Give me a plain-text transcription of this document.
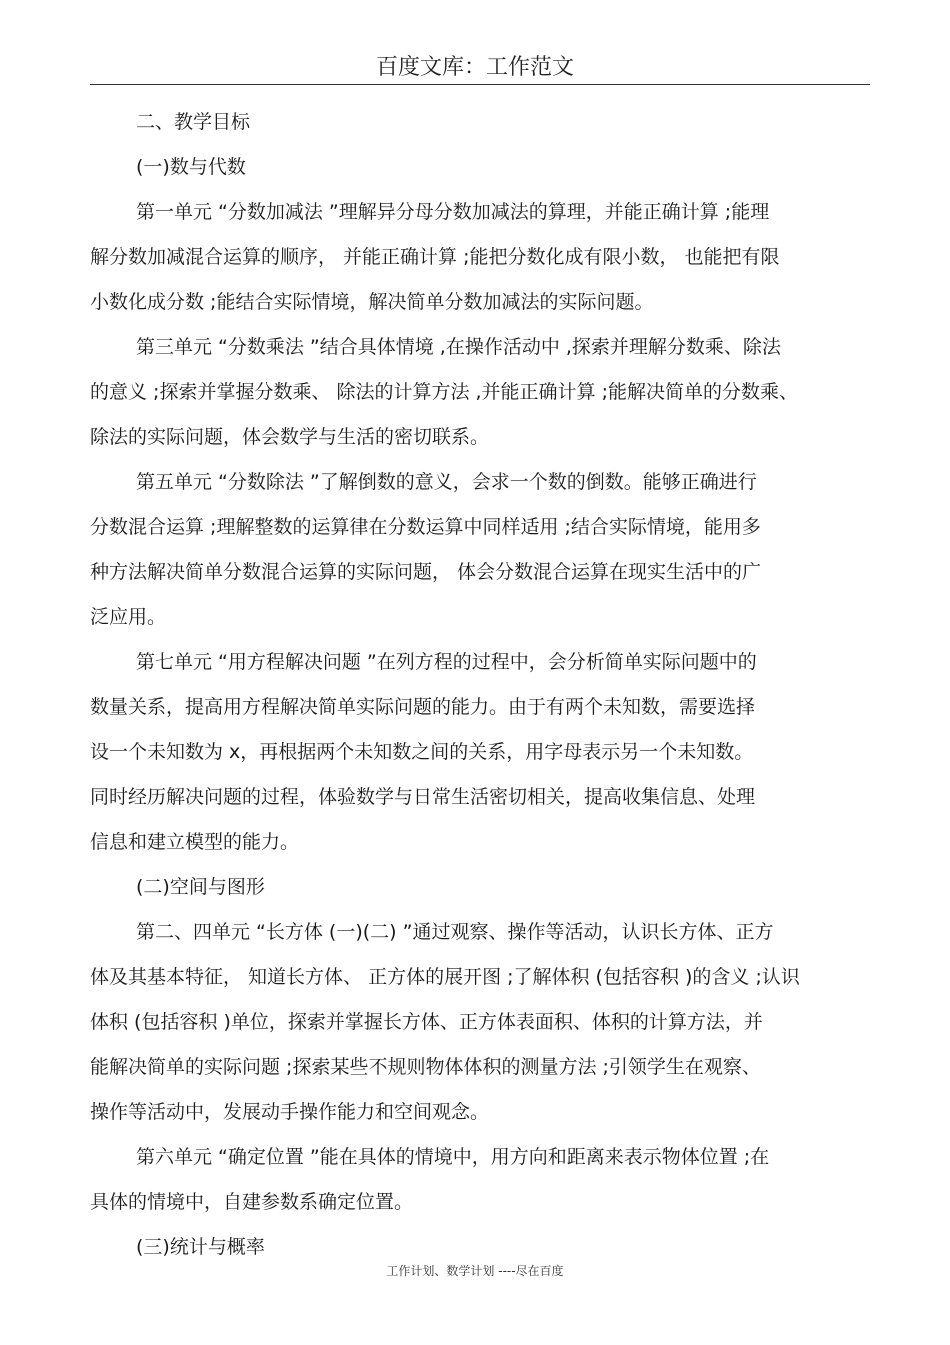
百度文库：工作范文
二、教学目标
(一)数与代数
第一单元 “分数加减法 ”理解异分母分数加减法的算理，并能正确计算 ;能理
解分数加减混合运算的顺序， 并能正确计算 ;能把分数化成有限小数， 也能把有限
小数化成分数 ;能结合实际情境，解决简单分数加减法的实际问题。
第三单元 “分数乘法 ”结合具体情境 ,在操作活动中 ,探索并理解分数乘、除法
的意义 ;探索并掌握分数乘、 除法的计算方法 ,并能正确计算 ;能解决简单的分数乘、
除法的实际问题，体会数学与生活的密切联系。
第五单元 “分数除法 ”了解倒数的意义，会求一个数的倒数。能够正确进行
分数混合运算 ;理解整数的运算律在分数运算中同样适用 ;结合实际情境，能用多
种方法解决简单分数混合运算的实际问题， 体会分数混合运算在现实生活中的广
泛应用。
第七单元 “用方程解决问题 ”在列方程的过程中，会分析简单实际问题中的
数量关系，提高用方程解决简单实际问题的能力。由于有两个未知数，需要选择
设一个未知数为 x，再根据两个未知数之间的关系，用字母表示另一个未知数。
同时经历解决问题的过程，体验数学与日常生活密切相关，提高收集信息、处理
信息和建立模型的能力。
(二)空间与图形
第二、四单元 “长方体 (一)(二) ”通过观察、操作等活动，认识长方体、正方
体及其基本特征， 知道长方体、 正方体的展开图 ;了解体积 (包括容积 )的含义 ;认识
体积 (包括容积 )单位，探索并掌握长方体、正方体表面积、体积的计算方法，并
能解决简单的实际问题 ;探索某些不规则物体体积的测量方法 ;引领学生在观察、
操作等活动中，发展动手操作能力和空间观念。
第六单元 “确定位置 ”能在具体的情境中，用方向和距离来表示物体位置 ;在
具体的情境中，自建参数系确定位置。
(三)统计与概率
工作计划、数学计划 ----尽在百度
